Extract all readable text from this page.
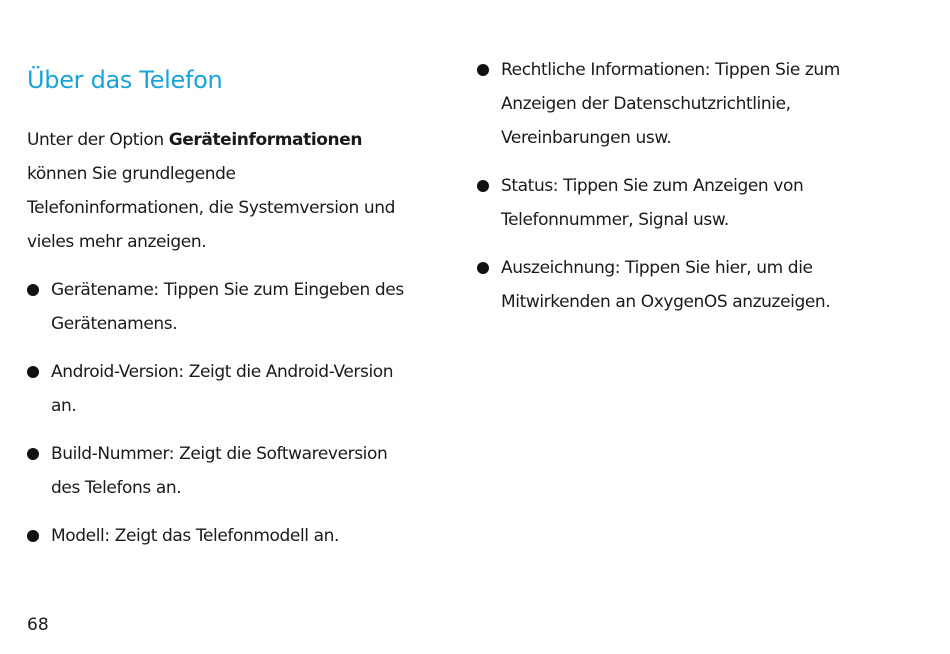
Über das Telefon

Unter der Option Geräteinformationen
können Sie grundlegende
Telefoninformationen, die Systemversion und
vieles mehr anzeigen.

Gerätename: Tippen Sie zum Eingeben des
Gerätenamens.
Android-Version: Zeigt die Android-Version
an.
Build-Nummer: Zeigt die Softwareversion
des Telefons an.
Modell: Zeigt das Telefonmodell an.
Rechtliche Informationen: Tippen Sie zum
Anzeigen der Datenschutzrichtlinie,
Vereinbarungen usw.
Status: Tippen Sie zum Anzeigen von
Telefonnummer, Signal usw.
Auszeichnung: Tippen Sie hier, um die
Mitwirkenden an OxygenOS anzuzeigen.
68
